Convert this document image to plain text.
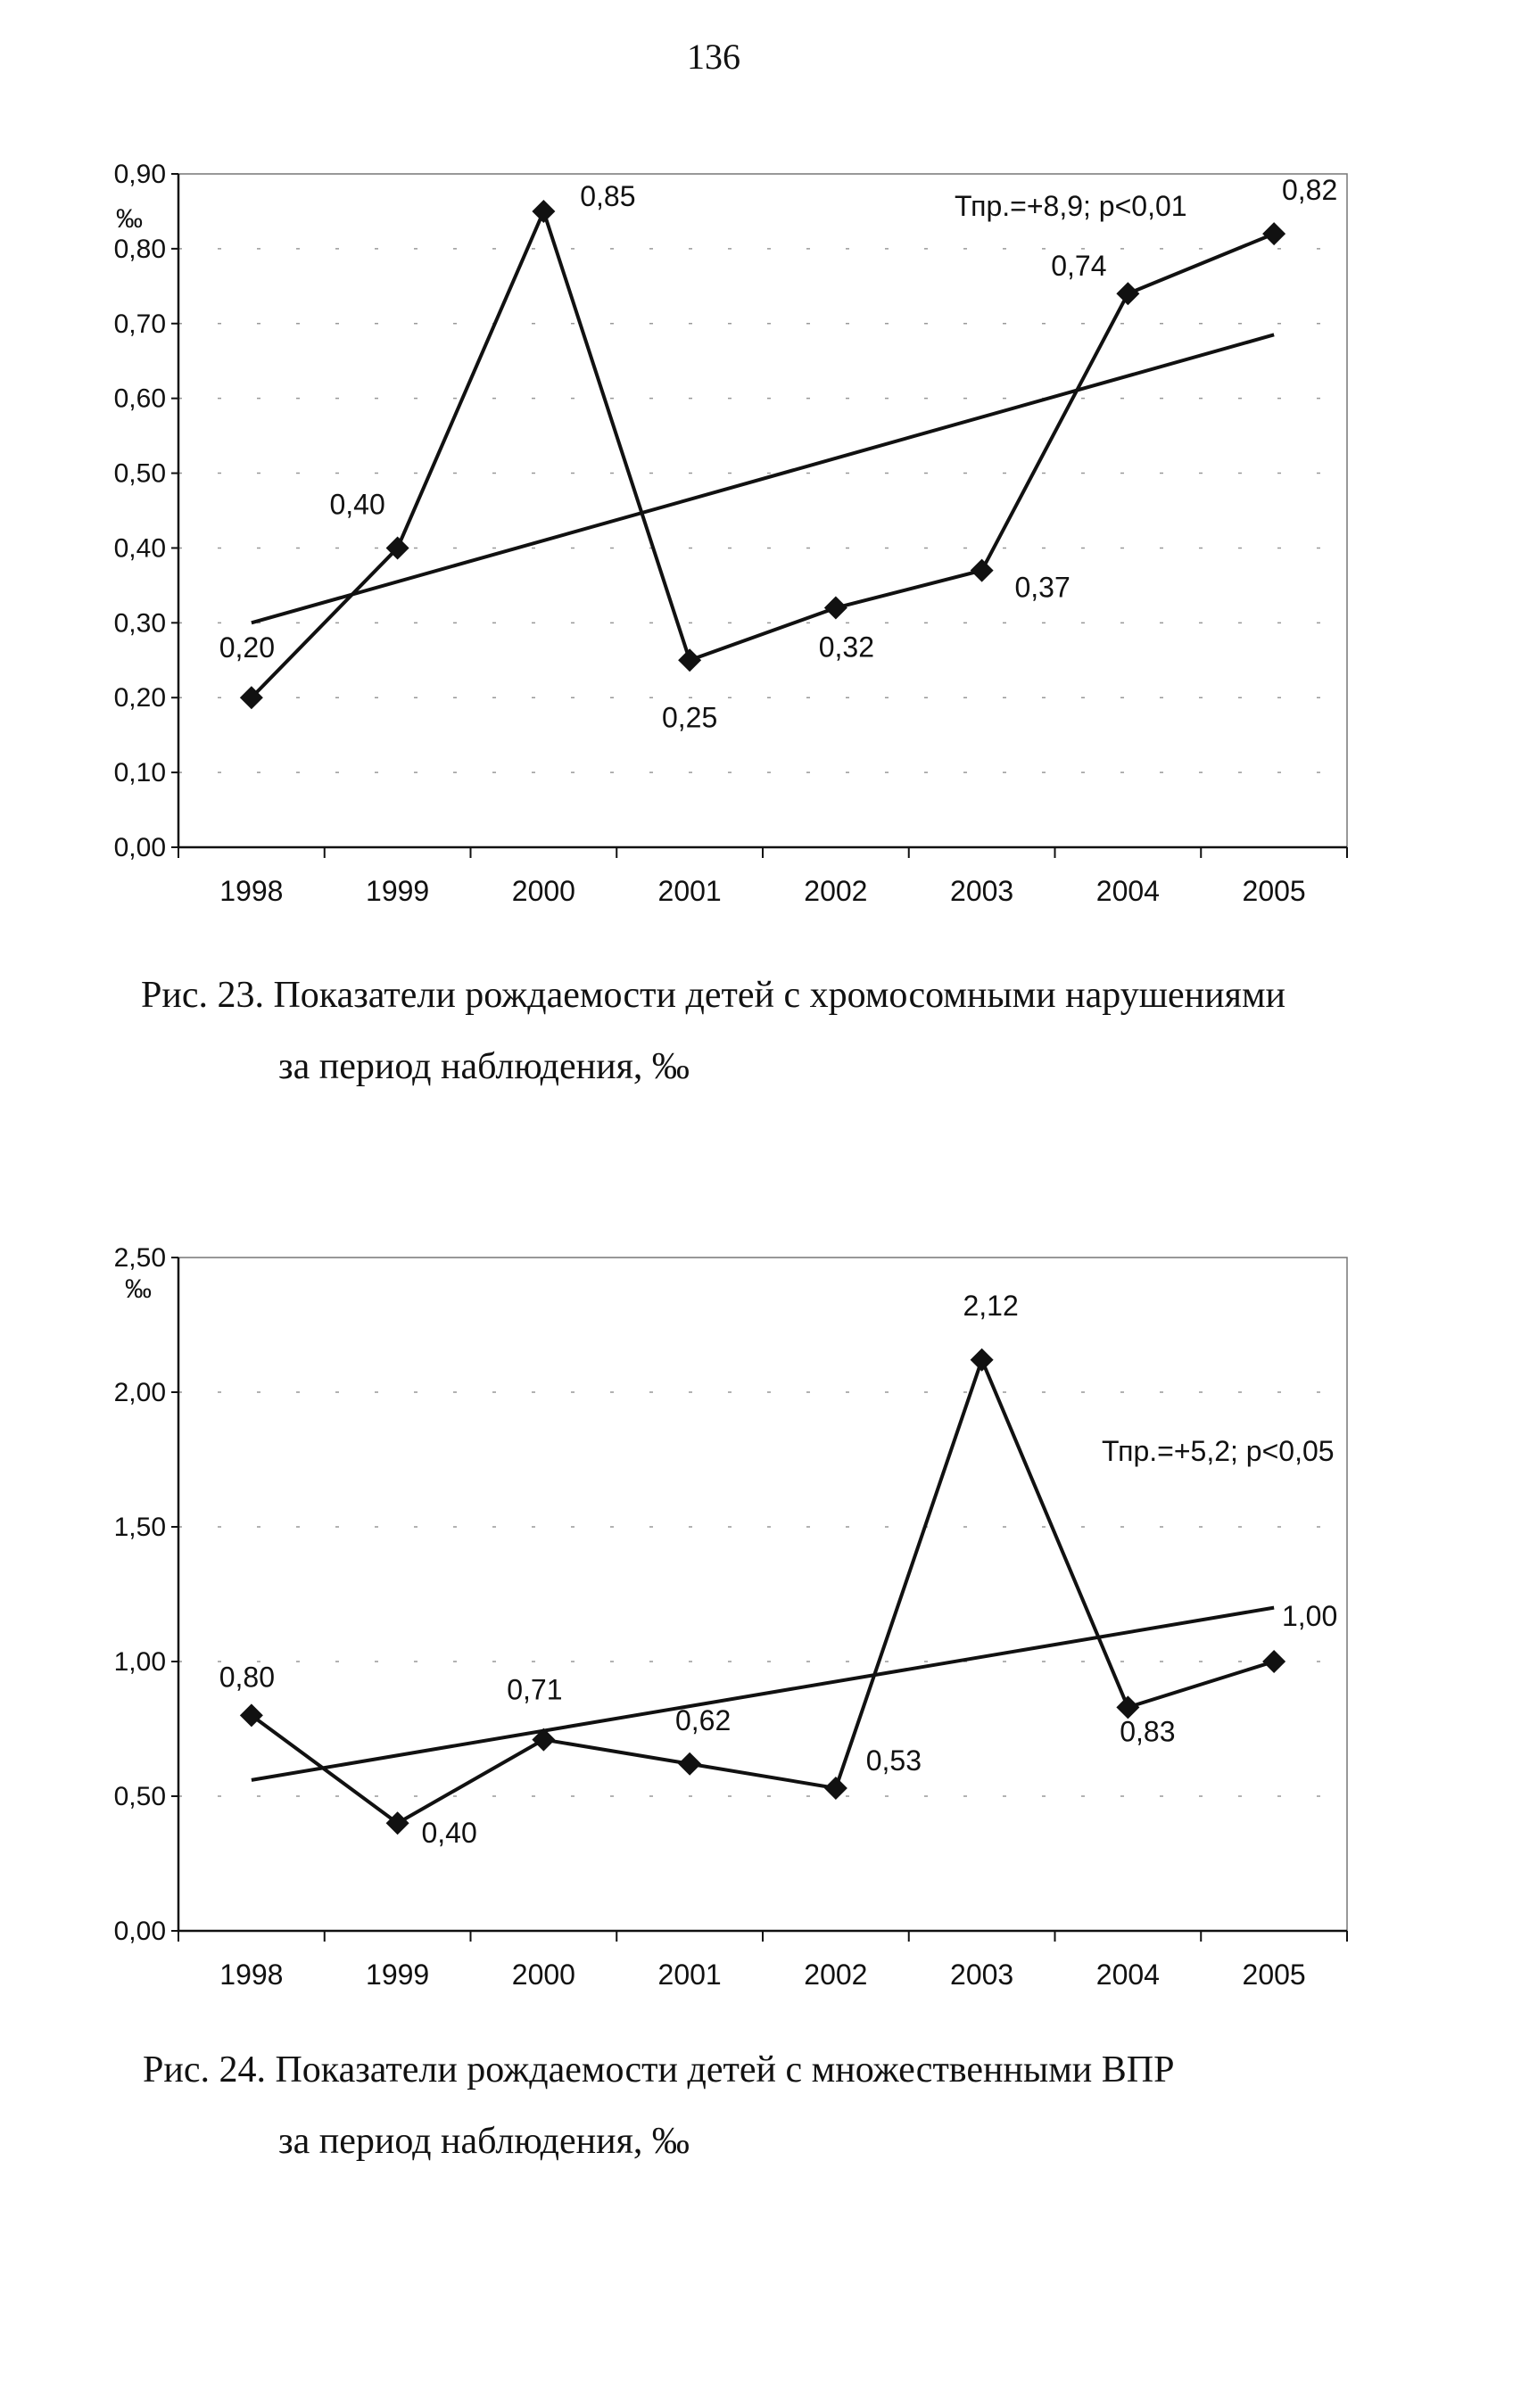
136
0,00
0,10
0,20
0,30
0,40
0,50
0,60
0,70
0,80
0,90
‰
1998	1999	2000	2001	2002	2003	2004	2005
0,20
0,40
0,85
0,25
0,32
0,37
0,74
0,82
Тпр.=+8,9; р<0,01
Рис. 23. Показатели рождаемости детей с хромосомными нарушениями
за период наблюдения, ‰
0,00
0,50
1,00
1,50
2,00
2,50
‰
1998	1999	2000	2001	2002	2003	2004	2005
0,80
0,40
0,71
0,62
0,53
2,12
0,83
1,00
Тпр.=+5,2; р<0,05
Рис. 24. Показатели рождаемости детей с множественными ВПР
за период наблюдения, ‰
